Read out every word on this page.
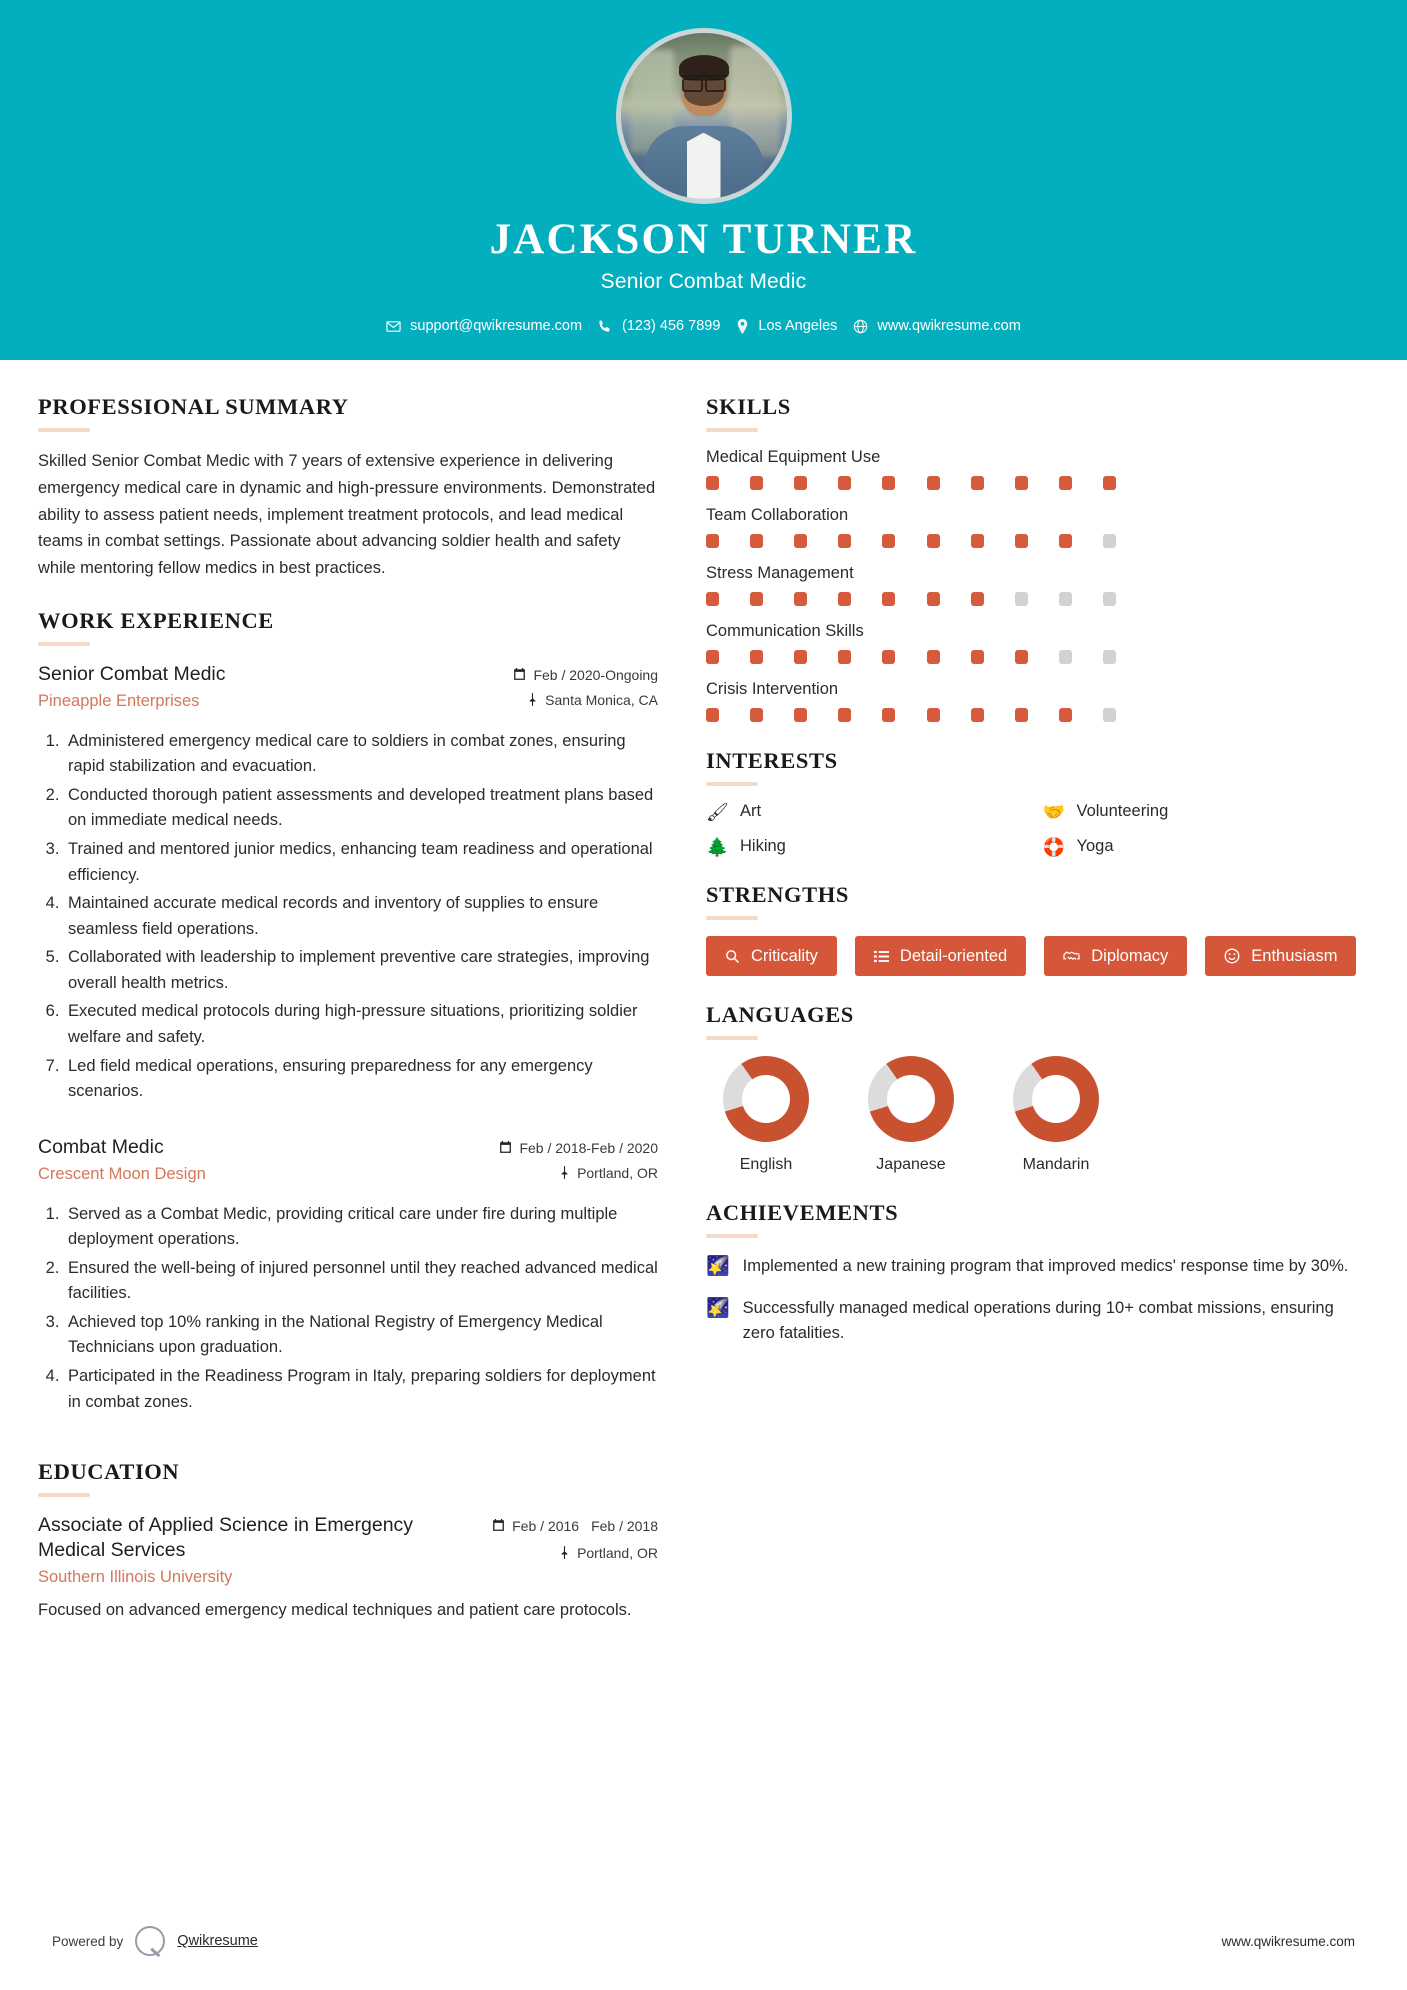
JACKSON TURNER
Senior Combat Medic
support@qwikresume.com	(123) 456 7899	Los Angeles	www.qwikresume.com
PROFESSIONAL SUMMARY
Skilled Senior Combat Medic with 7 years of extensive experience in delivering emergency medical care in dynamic and high-pressure environments. Demonstrated ability to assess patient needs, implement treatment protocols, and lead medical teams in combat settings. Passionate about advancing soldier health and safety while mentoring fellow medics in best practices.
WORK EXPERIENCE
Senior Combat Medic
Pineapple Enterprises
Feb / 2020-Ongoing
Santa Monica, CA
1. Administered emergency medical care to soldiers in combat zones, ensuring rapid stabilization and evacuation.
2. Conducted thorough patient assessments and developed treatment plans based on immediate medical needs.
3. Trained and mentored junior medics, enhancing team readiness and operational efficiency.
4. Maintained accurate medical records and inventory of supplies to ensure seamless field operations.
5. Collaborated with leadership to implement preventive care strategies, improving overall health metrics.
6. Executed medical protocols during high-pressure situations, prioritizing soldier welfare and safety.
7. Led field medical operations, ensuring preparedness for any emergency scenarios.
Combat Medic
Crescent Moon Design
Feb / 2018-Feb / 2020
Portland, OR
1. Served as a Combat Medic, providing critical care under fire during multiple deployment operations.
2. Ensured the well-being of injured personnel until they reached advanced medical facilities.
3. Achieved top 10% ranking in the National Registry of Emergency Medical Technicians upon graduation.
4. Participated in the Readiness Program in Italy, preparing soldiers for deployment in combat zones.
EDUCATION
Associate of Applied Science in Emergency Medical Services
Southern Illinois University
Feb / 2016 Feb / 2018
Portland, OR
Focused on advanced emergency medical techniques and patient care protocols.
SKILLS
Medical Equipment Use
Team Collaboration
Stress Management
Communication Skills
Crisis Intervention
INTERESTS
🖌 Art	🤝 Volunteering
🌲 Hiking	🛟 Yoga
STRENGTHS
Criticality	Detail-oriented	Diplomacy	Enthusiasm
LANGUAGES
English	Japanese	Mandarin
ACHIEVEMENTS
🌠 Implemented a new training program that improved medics' response time by 30%.
🌠 Successfully managed medical operations during 10+ combat missions, ensuring zero fatalities.
Powered by	Qwikresume	www.qwikresume.com
